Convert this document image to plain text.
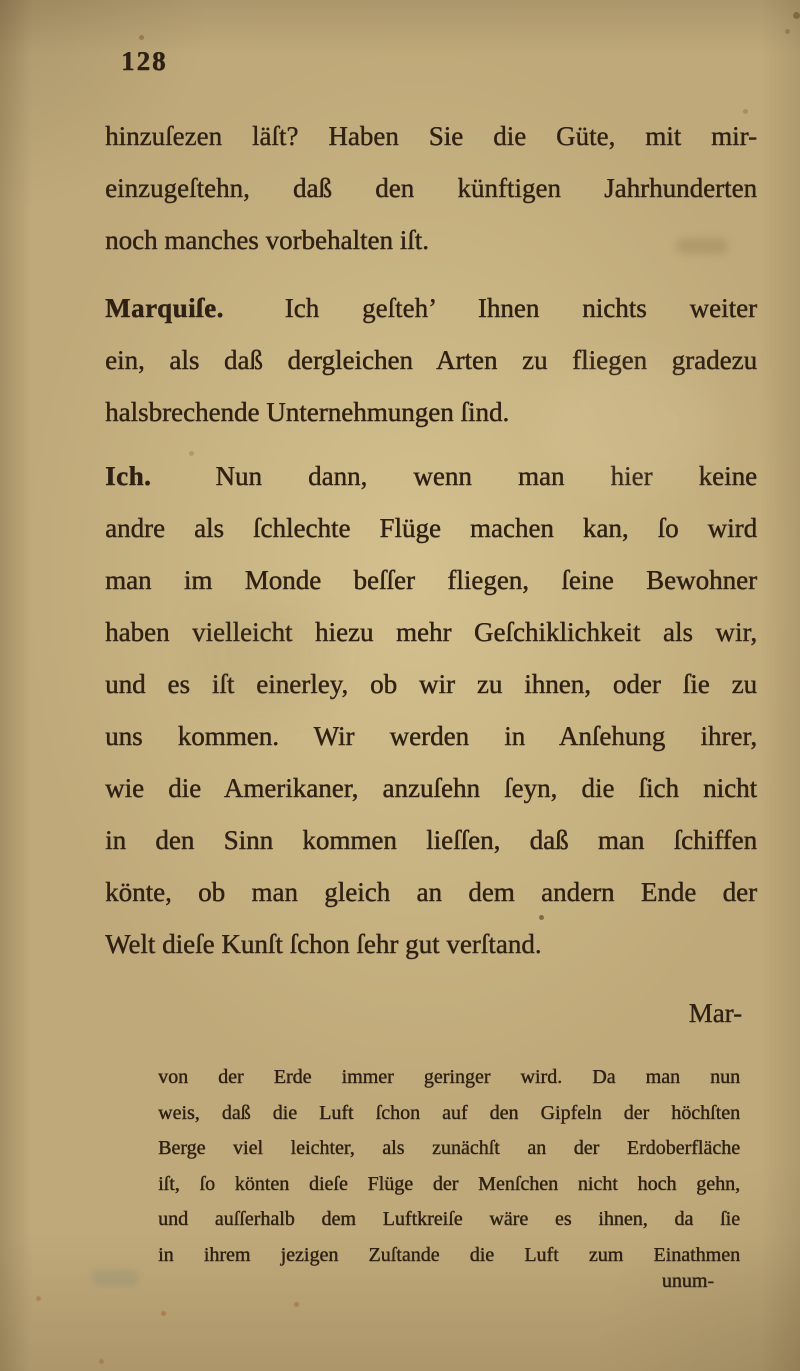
128
hinzuſezen läſt? Haben Sie die Güte, mit mir-
einzugeſtehn, daß den künftigen Jahrhunderten
noch manches vorbehalten iſt.
Marquiſe. Ich geſteh’ Ihnen nichts weiter
ein, als daß dergleichen Arten zu fliegen gradezu
halsbrechende Unternehmungen ſind.
Ich. Nun dann, wenn man hier keine
andre als ſchlechte Flüge machen kan, ſo wird
man im Monde beſſer fliegen, ſeine Bewohner
haben vielleicht hiezu mehr Geſchiklichkeit als wir,
und es iſt einerley, ob wir zu ihnen, oder ſie zu
uns kommen. Wir werden in Anſehung ihrer,
wie die Amerikaner, anzuſehn ſeyn, die ſich nicht
in den Sinn kommen lieſſen, daß man ſchiffen
könte, ob man gleich an dem andern Ende der
Welt dieſe Kunſt ſchon ſehr gut verſtand.
Mar-
von der Erde immer geringer wird. Da man nun
weis, daß die Luft ſchon auf den Gipfeln der höchſten
Berge viel leichter, als zunächſt an der Erdoberfläche
iſt, ſo könten dieſe Flüge der Menſchen nicht hoch gehn,
und auſſerhalb dem Luftkreiſe wäre es ihnen, da ſie
in ihrem jezigen Zuſtande die Luft zum Einathmen
unum-
